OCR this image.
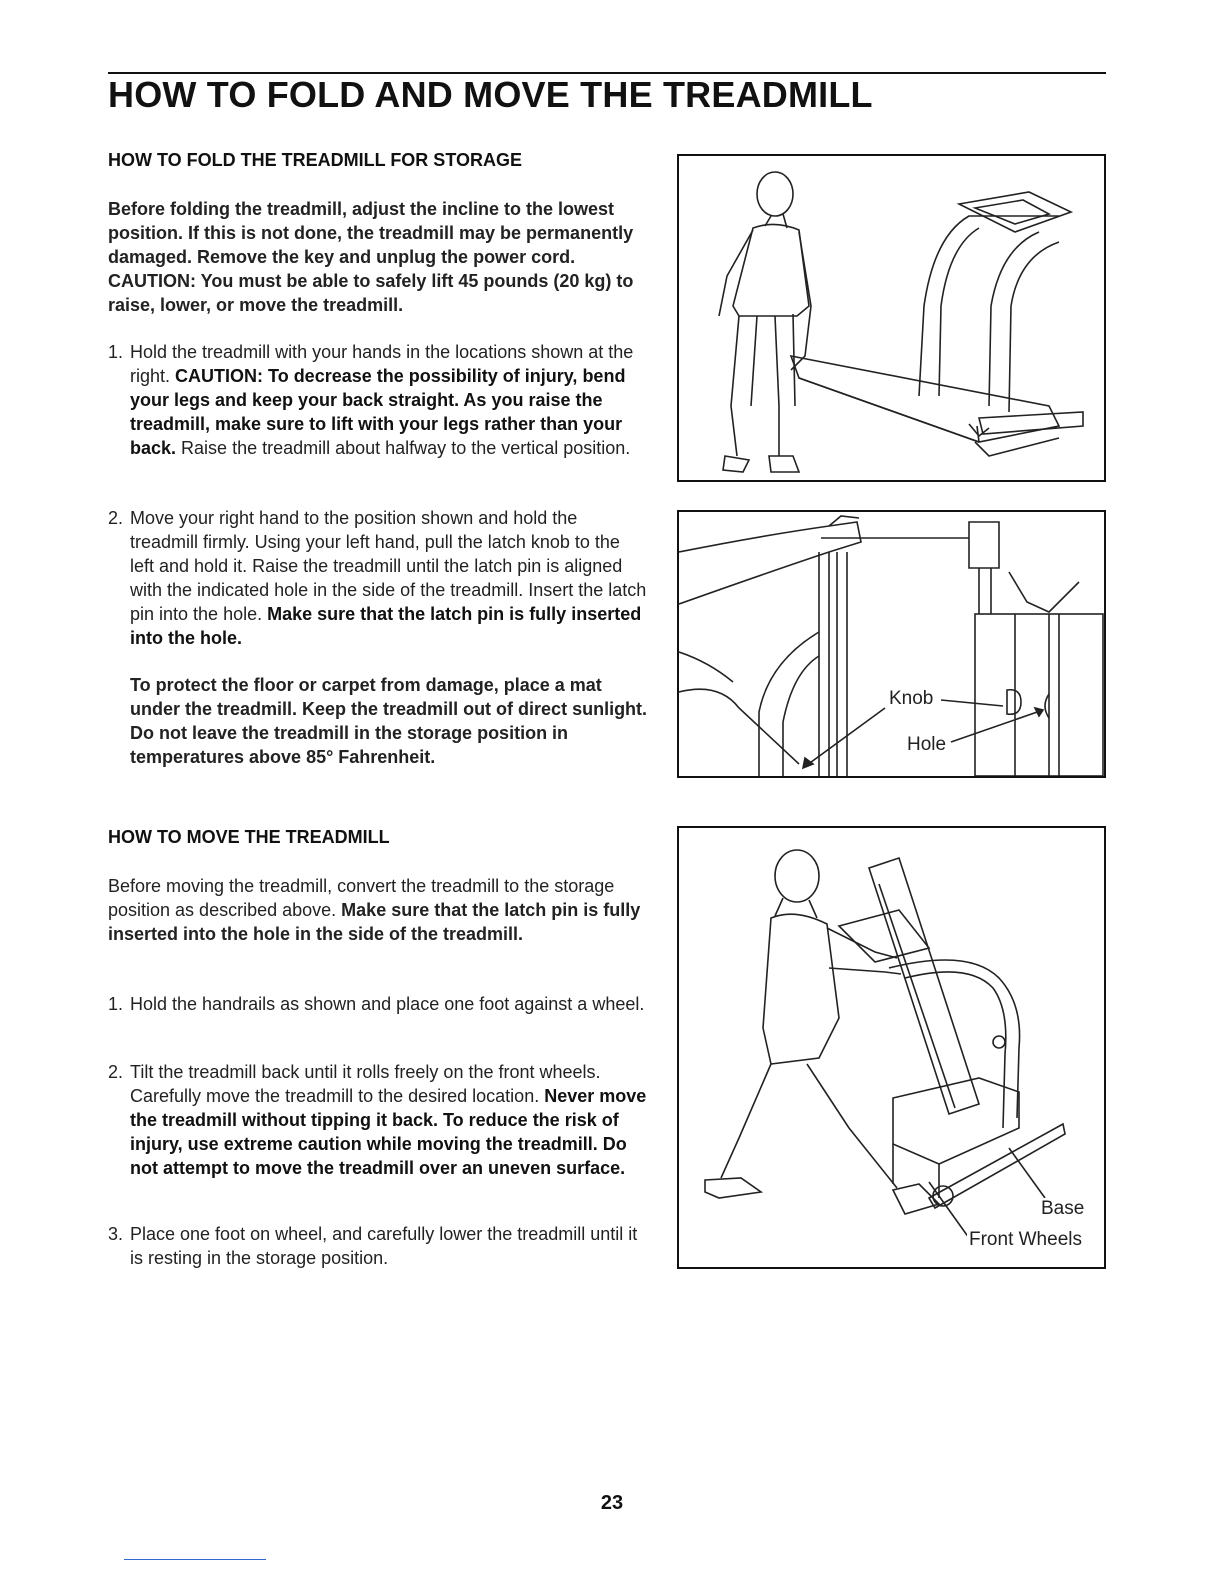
HOW TO FOLD AND MOVE THE TREADMILL
HOW TO FOLD THE TREADMILL FOR STORAGE

Before folding the treadmill, adjust the incline to the lowest position. If this is not done, the treadmill may be permanently damaged. Remove the key and unplug the power cord. CAUTION: You must be able to safely lift 45 pounds (20 kg) to raise, lower, or move the treadmill.

1. Hold the treadmill with your hands in the locations shown at the right. CAUTION: To decrease the possibility of injury, bend your legs and keep your back straight. As you raise the treadmill, make sure to lift with your legs rather than your back. Raise the treadmill about halfway to the vertical position.
2. Move your right hand to the position shown and hold the treadmill firmly. Using your left hand, pull the latch knob to the left and hold it. Raise the treadmill until the latch pin is aligned with the indicated hole in the side of the treadmill. Insert the latch pin into the hole. Make sure that the latch pin is fully inserted into the hole.

To protect the floor or carpet from damage, place a mat under the treadmill. Keep the treadmill out of direct sunlight. Do not leave the treadmill in the storage position in temperatures above 85° Fahrenheit.

HOW TO MOVE THE TREADMILL

Before moving the treadmill, convert the treadmill to the storage position as described above. Make sure that the latch pin is fully inserted into the hole in the side of the treadmill.

1. Hold the handrails as shown and place one foot against a wheel.
2. Tilt the treadmill back until it rolls freely on the front wheels. Carefully move the treadmill to the desired location. Never move the treadmill without tipping it back. To reduce the risk of injury, use extreme caution while moving the treadmill. Do not attempt to move the treadmill over an uneven surface.
3. Place one foot on wheel, and carefully lower the treadmill until it is resting in the storage position.
Knob
Hole
Base
Front Wheels
23
